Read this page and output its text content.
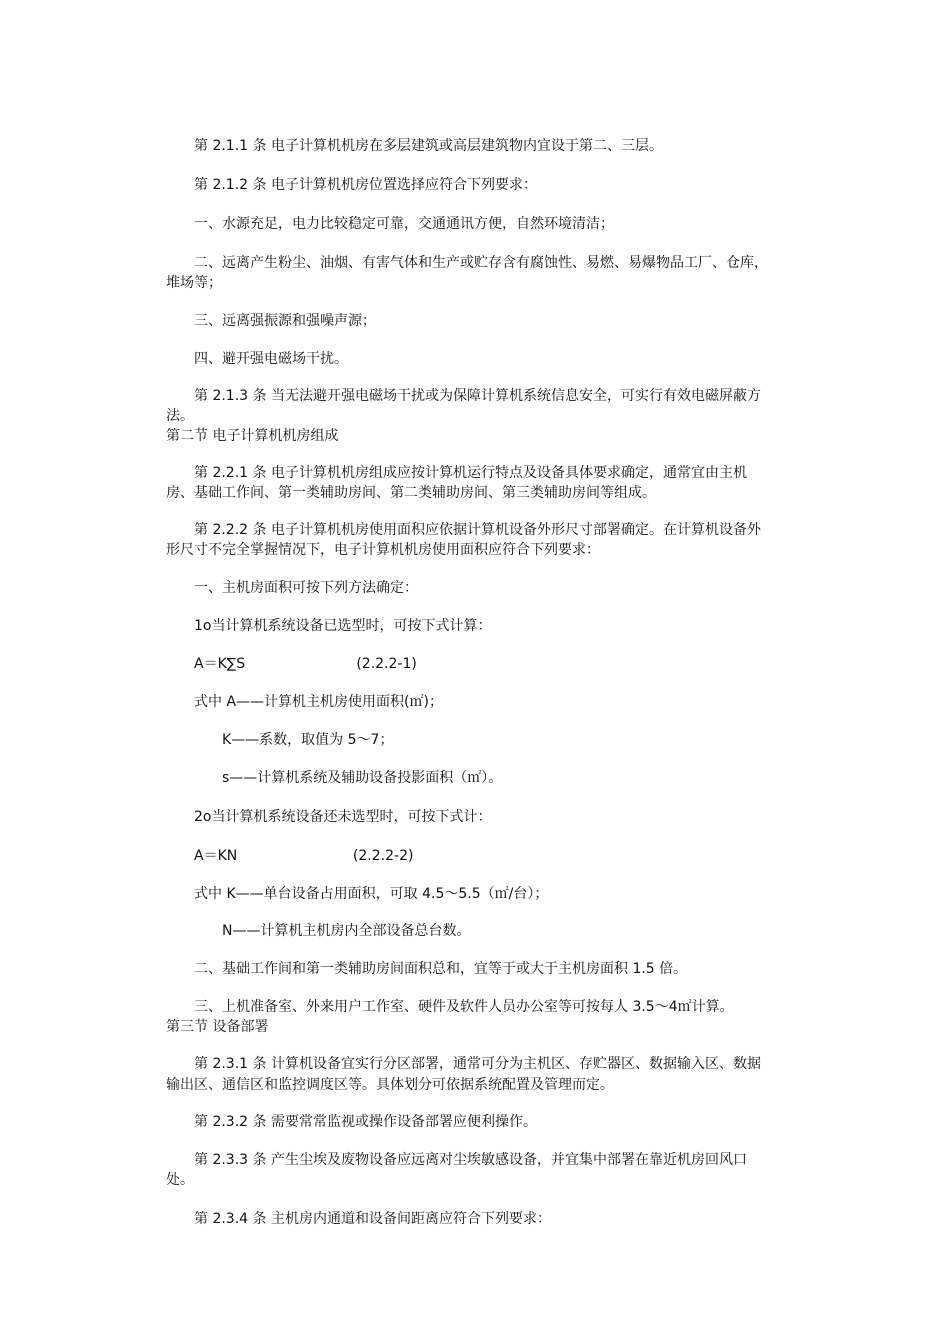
第 2.1.1 条 电子计算机机房在多层建筑或高层建筑物内宜设于第二、三层。
第 2.1.2 条 电子计算机机房位置选择应符合下列要求：
一、水源充足，电力比较稳定可靠，交通通讯方便，自然环境清洁；
二、远离产生粉尘、油烟、有害气体和生产或贮存含有腐蚀性、易燃、易爆物品工厂、仓库，
堆场等；
三、远离强振源和强噪声源；
四、避开强电磁场干扰。
第 2.1.3 条 当无法避开强电磁场干扰或为保障计算机系统信息安全，可实行有效电磁屏蔽方
法。
第二节 电子计算机机房组成
第 2.2.1 条 电子计算机机房组成应按计算机运行特点及设备具体要求确定，通常宜由主机
房、基础工作间、第一类辅助房间、第二类辅助房间、第三类辅助房间等组成。
第 2.2.2 条 电子计算机机房使用面积应依据计算机设备外形尺寸部署确定。在计算机设备外
形尺寸不完全掌握情况下，电子计算机机房使用面积应符合下列要求：
一、主机房面积可按下列方法确定：
1o当计算机系统设备已选型时，可按下式计算：
A＝K∑S                         (2.2.2-1)
式中 A——计算机主机房使用面积(㎡)；
K——系数，取值为 5～7；
s——计算机系统及辅助设备投影面积（㎡）。
2o当计算机系统设备还未选型时，可按下式计：
A＝KN                          (2.2.2-2)
式中 K——单台设备占用面积，可取 4.5～5.5（㎡/台）；
N——计算机主机房内全部设备总台数。
二、基础工作间和第一类辅助房间面积总和，宜等于或大于主机房面积 1.5 倍。
三、上机准备室、外来用户工作室、硬件及软件人员办公室等可按每人 3.5～4㎡计算。
第三节 设备部署
第 2.3.1 条 计算机设备宜实行分区部署，通常可分为主机区、存贮器区、数据输入区、数据
输出区、通信区和监控调度区等。具体划分可依据系统配置及管理而定。
第 2.3.2 条 需要常常监视或操作设备部署应便利操作。
第 2.3.3 条 产生尘埃及废物设备应远离对尘埃敏感设备，并宜集中部署在靠近机房回风口
处。
第 2.3.4 条 主机房内通道和设备间距离应符合下列要求：
